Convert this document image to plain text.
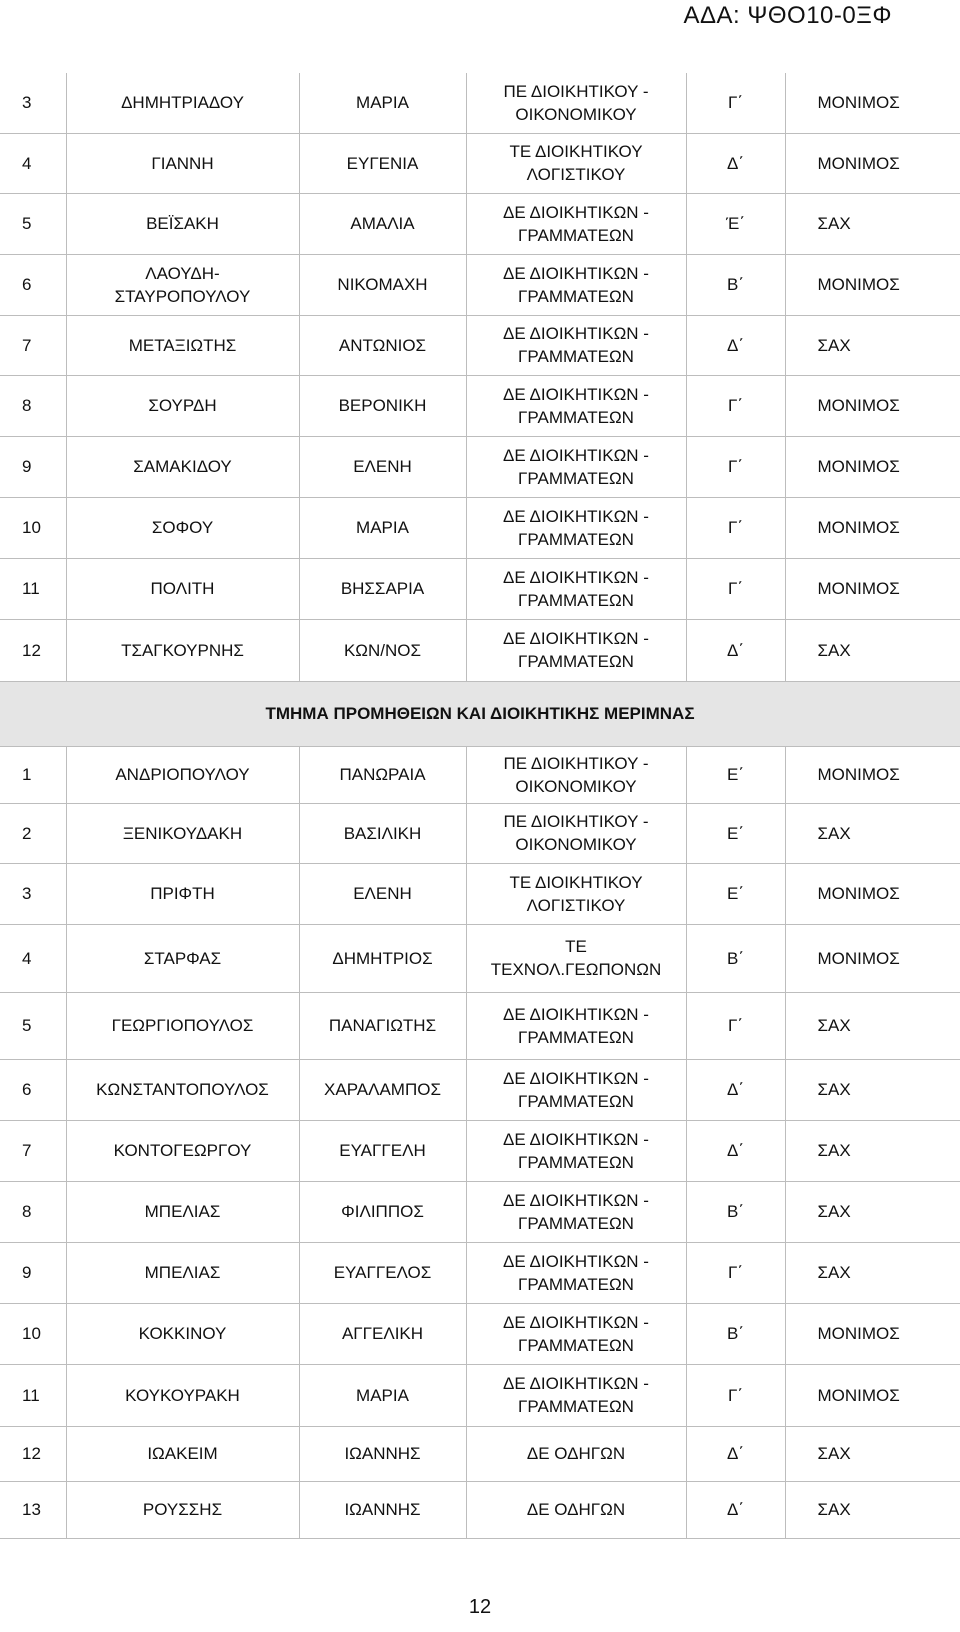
ΑΔΑ: ΨΘΟ10-0ΞΦ
3	ΔΗΜΗΤΡΙΑΔΟΥ	ΜΑΡΙΑ	ΠΕ ΔΙΟΙΚΗΤΙΚΟΥ -
ΟΙΚΟΝΟΜΙΚΟΥ	Γ΄	ΜΟΝΙΜΟΣ
4	ΓΙΑΝΝΗ	ΕΥΓΕΝΙΑ	ΤΕ ΔΙΟΙΚΗΤΙΚΟΥ
ΛΟΓΙΣΤΙΚΟΥ	Δ΄	ΜΟΝΙΜΟΣ
5	ΒΕΪΣΑΚΗ	ΑΜΑΛΙΑ	ΔΕ ΔΙΟΙΚΗΤΙΚΩΝ -
ΓΡΑΜΜΑΤΕΩΝ	Έ΄	ΣΑΧ
6	ΛΑΟΥΔΗ-
ΣΤΑΥΡΟΠΟΥΛΟΥ	ΝΙΚΟΜΑΧΗ	ΔΕ ΔΙΟΙΚΗΤΙΚΩΝ -
ΓΡΑΜΜΑΤΕΩΝ	Β΄	ΜΟΝΙΜΟΣ
7	ΜΕΤΑΞΙΩΤΗΣ	ΑΝΤΩΝΙΟΣ	ΔΕ ΔΙΟΙΚΗΤΙΚΩΝ -
ΓΡΑΜΜΑΤΕΩΝ	Δ΄	ΣΑΧ
8	ΣΟΥΡΔΗ	ΒΕΡΟΝΙΚΗ	ΔΕ ΔΙΟΙΚΗΤΙΚΩΝ -
ΓΡΑΜΜΑΤΕΩΝ	Γ΄	ΜΟΝΙΜΟΣ
9	ΣΑΜΑΚΙΔΟΥ	ΕΛΕΝΗ	ΔΕ ΔΙΟΙΚΗΤΙΚΩΝ -
ΓΡΑΜΜΑΤΕΩΝ	Γ΄	ΜΟΝΙΜΟΣ
10	ΣΟΦΟΥ	ΜΑΡΙΑ	ΔΕ ΔΙΟΙΚΗΤΙΚΩΝ -
ΓΡΑΜΜΑΤΕΩΝ	Γ΄	ΜΟΝΙΜΟΣ
11	ΠΟΛΙΤΗ	ΒΗΣΣΑΡΙΑ	ΔΕ ΔΙΟΙΚΗΤΙΚΩΝ -
ΓΡΑΜΜΑΤΕΩΝ	Γ΄	ΜΟΝΙΜΟΣ
12	ΤΣΑΓΚΟΥΡΝΗΣ	ΚΩΝ/ΝΟΣ	ΔΕ ΔΙΟΙΚΗΤΙΚΩΝ -
ΓΡΑΜΜΑΤΕΩΝ	Δ΄	ΣΑΧ
ΤΜΗΜΑ ΠΡΟΜΗΘΕΙΩΝ ΚΑΙ ΔΙΟΙΚΗΤΙΚΗΣ ΜΕΡΙΜΝΑΣ					
1	ΑΝΔΡΙΟΠΟΥΛΟΥ	ΠΑΝΩΡΑΙΑ	ΠΕ ΔΙΟΙΚΗΤΙΚΟΥ -
ΟΙΚΟΝΟΜΙΚΟΥ	Ε΄	ΜΟΝΙΜΟΣ
2	ΞΕΝΙΚΟΥΔΑΚΗ	ΒΑΣΙΛΙΚΗ	ΠΕ ΔΙΟΙΚΗΤΙΚΟΥ -
ΟΙΚΟΝΟΜΙΚΟΥ	Ε΄	ΣΑΧ
3	ΠΡΙΦΤΗ	ΕΛΕΝΗ	ΤΕ ΔΙΟΙΚΗΤΙΚΟΥ
ΛΟΓΙΣΤΙΚΟΥ	Ε΄	ΜΟΝΙΜΟΣ
4	ΣΤΑΡΦΑΣ	ΔΗΜΗΤΡΙΟΣ	ΤΕ
ΤΕΧΝΟΛ.ΓΕΩΠΟΝΩΝ	Β΄	ΜΟΝΙΜΟΣ
5	ΓΕΩΡΓΙΟΠΟΥΛΟΣ	ΠΑΝΑΓΙΩΤΗΣ	ΔΕ ΔΙΟΙΚΗΤΙΚΩΝ -
ΓΡΑΜΜΑΤΕΩΝ	Γ΄	ΣΑΧ
6	ΚΩΝΣΤΑΝΤΟΠΟΥΛΟΣ	ΧΑΡΑΛΑΜΠΟΣ	ΔΕ ΔΙΟΙΚΗΤΙΚΩΝ -
ΓΡΑΜΜΑΤΕΩΝ	Δ΄	ΣΑΧ
7	ΚΟΝΤΟΓΕΩΡΓΟΥ	ΕΥΑΓΓΕΛΗ	ΔΕ ΔΙΟΙΚΗΤΙΚΩΝ -
ΓΡΑΜΜΑΤΕΩΝ	Δ΄	ΣΑΧ
8	ΜΠΕΛΙΑΣ	ΦΙΛΙΠΠΟΣ	ΔΕ ΔΙΟΙΚΗΤΙΚΩΝ -
ΓΡΑΜΜΑΤΕΩΝ	Β΄	ΣΑΧ
9	ΜΠΕΛΙΑΣ	ΕΥΑΓΓΕΛΟΣ	ΔΕ ΔΙΟΙΚΗΤΙΚΩΝ -
ΓΡΑΜΜΑΤΕΩΝ	Γ΄	ΣΑΧ
10	ΚΟΚΚΙΝΟΥ	ΑΓΓΕΛΙΚΗ	ΔΕ ΔΙΟΙΚΗΤΙΚΩΝ -
ΓΡΑΜΜΑΤΕΩΝ	Β΄	ΜΟΝΙΜΟΣ
11	ΚΟΥΚΟΥΡΑΚΗ	ΜΑΡΙΑ	ΔΕ ΔΙΟΙΚΗΤΙΚΩΝ -
ΓΡΑΜΜΑΤΕΩΝ	Γ΄	ΜΟΝΙΜΟΣ
12	ΙΩΑΚΕΙΜ	ΙΩΑΝΝΗΣ	ΔΕ ΟΔΗΓΩΝ	Δ΄	ΣΑΧ
13	ΡΟΥΣΣΗΣ	ΙΩΑΝΝΗΣ	ΔΕ ΟΔΗΓΩΝ	Δ΄	ΣΑΧ
12
